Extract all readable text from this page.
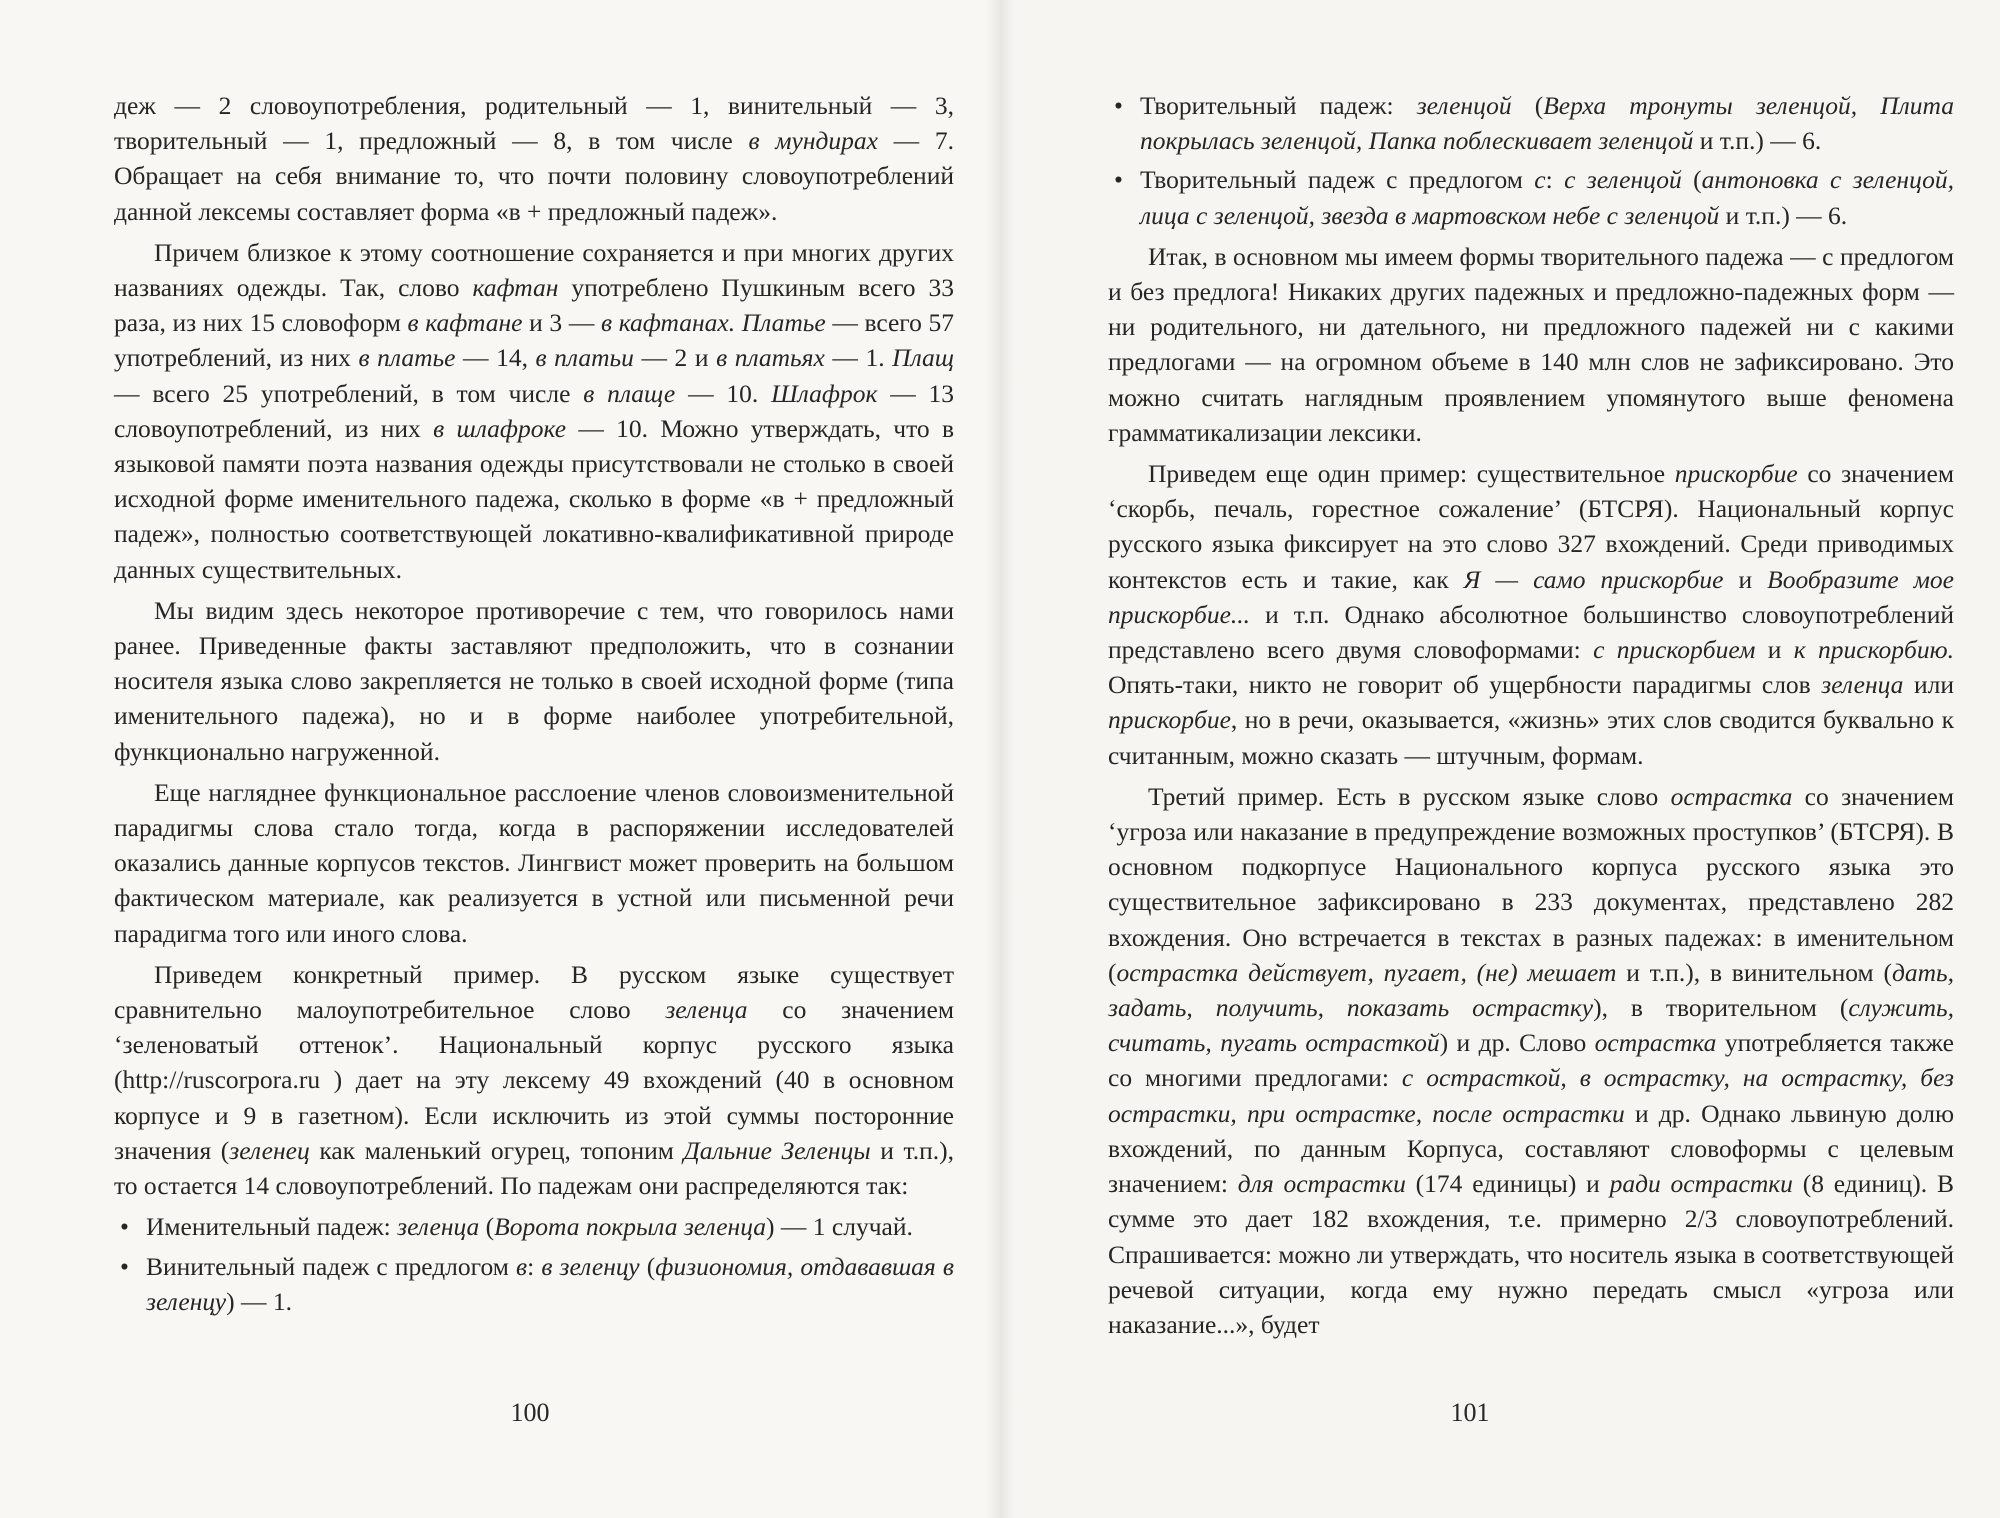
деж — 2 словоупотребления, родительный — 1, винительный — 3, творительный — 1, предложный — 8, в том числе в мундирах — 7. Обращает на себя внимание то, что почти половину словоупотреблений данной лексемы составляет форма «в + предложный падеж».

Причем близкое к этому соотношение сохраняется и при многих других названиях одежды. Так, слово кафтан употреблено Пушкиным всего 33 раза, из них 15 словоформ в кафтане и 3 — в кафтанах. Платье — всего 57 употреблений, из них в платье — 14, в платьи — 2 и в платьях — 1. Плащ — всего 25 употреблений, в том числе в плаще — 10. Шлафрок — 13 словоупотреблений, из них в шлафроке — 10. Можно утверждать, что в языковой памяти поэта названия одежды присутствовали не столько в своей исходной форме именительного падежа, сколько в форме «в + предложный падеж», полностью соответствующей локативно-квалификативной природе данных существительных.

Мы видим здесь некоторое противоречие с тем, что говорилось нами ранее. Приведенные факты заставляют предположить, что в сознании носителя языка слово закрепляется не только в своей исходной форме (типа именительного падежа), но и в форме наиболее употребительной, функционально нагруженной.

Еще нагляднее функциональное расслоение членов словоизменительной парадигмы слова стало тогда, когда в распоряжении исследователей оказались данные корпусов текстов. Лингвист может проверить на большом фактическом материале, как реализуется в устной или письменной речи парадигма того или иного слова.

Приведем конкретный пример. В русском языке существует сравнительно малоупотребительное слово зеленца со значением ‘зеленоватый оттенок’. Национальный корпус русского языка (http://ruscorpora.ru ) дает на эту лексему 49 вхождений (40 в основном корпусе и 9 в газетном). Если исключить из этой суммы посторонние значения (зеленец как маленький огурец, топоним Дальние Зеленцы и т.п.), то остается 14 словоупотреблений. По падежам они распределяются так:

• Именительный падеж: зеленца (Ворота покрыла зеленца) — 1 случай.
• Винительный падеж с предлогом в: в зеленцу (физиономия, отдававшая в зеленцу) — 1.
100
• Творительный падеж: зеленцой (Верха тронуты зеленцой, Плита покрылась зеленцой, Папка поблескивает зеленцой и т.п.) — 6.
• Творительный падеж с предлогом с: с зеленцой (антоновка с зеленцой, лица с зеленцой, звезда в мартовском небе с зеленцой и т.п.) — 6.

Итак, в основном мы имеем формы творительного падежа — с предлогом и без предлога! Никаких других падежных и предложно-падежных форм — ни родительного, ни дательного, ни предложного падежей ни с какими предлогами — на огромном объеме в 140 млн слов не зафиксировано. Это можно считать наглядным проявлением упомянутого выше феномена грамматикализации лексики.

Приведем еще один пример: существительное прискорбие со значением ‘скорбь, печаль, горестное сожаление’ (БТСРЯ). Национальный корпус русского языка фиксирует на это слово 327 вхождений. Среди приводимых контекстов есть и такие, как Я — само прискорбие и Вообразите мое прискорбие... и т.п. Однако абсолютное большинство словоупотреблений представлено всего двумя словоформами: с прискорбием и к прискорбию. Опять-таки, никто не говорит об ущербности парадигмы слов зеленца или прискорбие, но в речи, оказывается, «жизнь» этих слов сводится буквально к считанным, можно сказать — штучным, формам.

Третий пример. Есть в русском языке слово острастка со значением ‘угроза или наказание в предупреждение возможных проступков’ (БТСРЯ). В основном подкорпусе Национального корпуса русского языка это существительное зафиксировано в 233 документах, представлено 282 вхождения. Оно встречается в текстах в разных падежах: в именительном (острастка действует, пугает, (не) мешает и т.п.), в винительном (дать, задать, получить, показать острастку), в творительном (служить, считать, пугать острасткой) и др. Слово острастка употребляется также со многими предлогами: с острасткой, в острастку, на острастку, без острастки, при острастке, после острастки и др. Однако львиную долю вхождений, по данным Корпуса, составляют словоформы с целевым значением: для острастки (174 единицы) и ради острастки (8 единиц). В сумме это дает 182 вхождения, т.е. примерно 2/3 словоупотреблений. Спрашивается: можно ли утверждать, что носитель языка в соответствующей речевой ситуации, когда ему нужно передать смысл «угроза или наказание...», будет

101
